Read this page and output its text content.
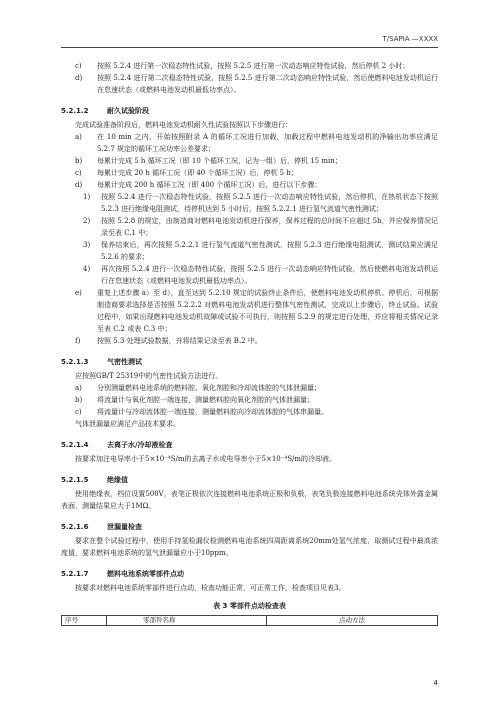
T/SAPIA —XXXX
c)	按照 5.2.4 进行第一次稳态特性试验，按照 5.2.5 进行第一次动态响应特性试验，然后停机 2 小时；
d)	按照 5.2.4 进行第二次稳态特性试验，按照 5.2.5 进行第二次动态响应特性试验，然后使燃料电池发动机运行在怠速状态（或燃料电池发动机最低功率点）。
5.2.1.2	耐久试验阶段
完成试验准备阶段后，燃料电池发动机耐久性试验按照以下步骤进行：
a)	在 10 min 之内，开始按照附录 A 的循环工况进行加载，加载过程中燃料电池发动机的净输出功率应满足 5.2.7 规定的循环工况功率公差要求；
b)	每累计完成 5 h 循环工况（即 10 个循环工况，记为一组）后，停机 15 min；
c)	每累计完成 20 h 循环工况（即 40 个循环工况）后，停机 5 h；
d)	每累计完成 200 h 循环工况（即 400 个循环工况）后，进行以下步骤：
1)	按照 5.2.4 进行一次稳态特性试验，按照 5.2.5 进行一次动态响应特性试验，然后停机，在热机状态下按照 5.2.3 进行绝缘电阻测试，待停机达到 5 小时后，按照 5.2.2.1 进行氢气流道气密性测试；
2)	按照 5.2.8 的规定，由制造商对燃料电池发动机进行保养，保养过程的总时间不应超过 5h，并应保养情况记录至表 C.1 中；
3)	保养结束后，再次按照 5.2.2.1 进行氢气流道气密性测试，按照 5.2.3 进行绝缘电阻测试，测试结果应满足 5.2.6 的要求；
4)	再次按照 5.2.4 进行一次稳态特性试验，按照 5.2.5 进行一次动态响应特性试验，然后使燃料电池发动机运行在怠速状态（或燃料电池发动机最低功率点）。
e)	重复上述步骤 a）至 d），直至达到 5.2.10 规定的试验终止条件后，使燃料电池发动机停机。停机后，可根据制造商要求选择是否按照 5.2.2.2 对燃料电池发动机进行整体气密性测试，完成以上步骤后，终止试验。试验过程中，如果出现燃料电池发动机故障或试验不可执行，则按照 5.2.9 的规定进行处理，并应将相关情况记录至表 C.2 或表 C.3 中；
f)	按照 5.3 处理试验数据，并将结果记录至表 B.2 中。
5.2.1.3	气密性测试
应按照GB/T 25319中的气密性试验方法进行。
a)	分别测量燃料电池系统的燃料腔、氧化剂腔和冷却流体腔的气体泄漏量；
b)	将流量计与氧化剂腔一端连接，测量燃料腔向氧化剂腔的气体泄漏量；
c)	将流量计与冷却流体腔一端连接，测量燃料腔向冷却流体腔的气体串漏量。
气体泄漏量应满足产品技术要求。
5.2.1.4	去离子水/冷却液检查
按要求加注电导率小于5×10⁻⁴S/m的去离子水或电导率小于5×10⁻⁴S/m的冷却液。
5.2.1.5	绝缘值
使用绝缘表，档位设置500V，表笔正极依次连接燃料电池系统正极和负极，表笔负极连接燃料电池系统壳体外露金属表面，测量结果应大于1MΩ。
5.2.1.6	泄漏量检查
要求在整个试验过程中，使用手持氢检漏仪检测燃料电池系统四周距离系统20mm处氢气浓度，取测试过程中最高浓度值，要求燃料电池系统的氢气泄漏量应小于10ppm。
5.2.1.7	燃料电池系统零部件点动
按要求对燃料电池系统零部件进行点动，检查功能正常，可正常工作，检查项目见表3。
表 3 零部件点动检查表
序号	零部件名称	点动方法
4
